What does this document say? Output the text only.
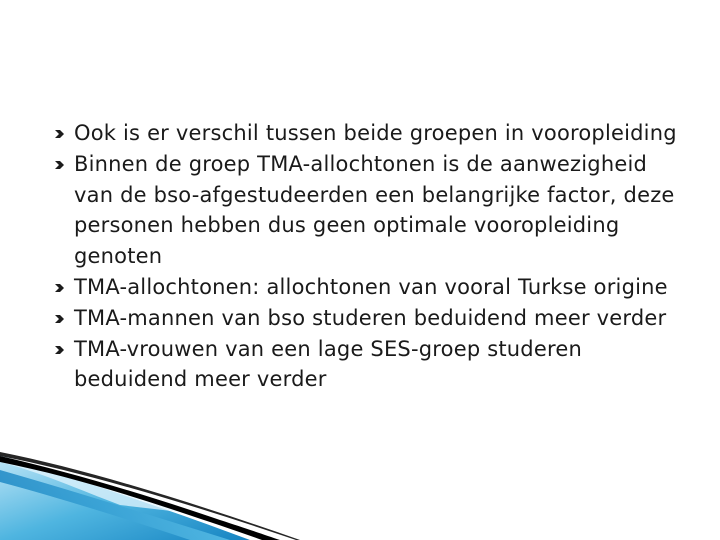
Ook is er verschil tussen beide groepen in vooropleiding
Binnen de groep TMA-allochtonen is de aanwezigheid van de bso-afgestudeerden een belangrijke factor, deze personen hebben dus geen optimale vooropleiding genoten
TMA-allochtonen: allochtonen van vooral Turkse origine
TMA-mannen van bso studeren beduidend meer verder
TMA-vrouwen van een lage SES-groep studeren beduidend meer verder
